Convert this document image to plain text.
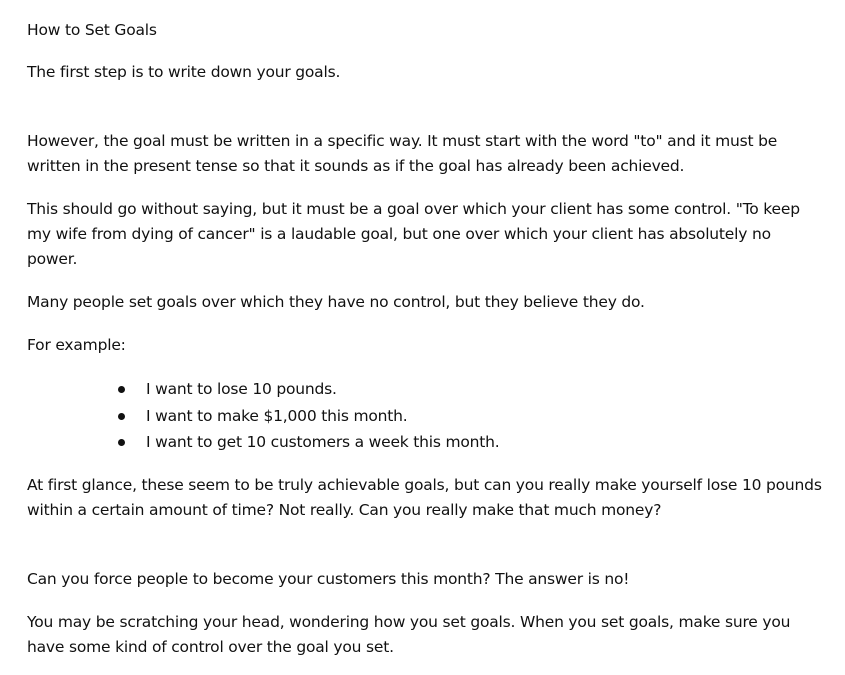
How to Set Goals

The first step is to write down your goals.

However, the goal must be written in a specific way. It must start with the word "to" and it must be

written in the present tense so that it sounds as if the goal has already been achieved.

This should go without saying, but it must be a goal over which your client has some control. "To keep

my wife from dying of cancer" is a laudable goal, but one over which your client has absolutely no

power.

Many people set goals over which they have no control, but they believe they do.

For example:

I want to lose 10 pounds.
I want to make $1,000 this month.
I want to get 10 customers a week this month.

At first glance, these seem to be truly achievable goals, but can you really make yourself lose 10 pounds

within a certain amount of time? Not really. Can you really make that much money?

Can you force people to become your customers this month? The answer is no!

You may be scratching your head, wondering how you set goals. When you set goals, make sure you

have some kind of control over the goal you set.
